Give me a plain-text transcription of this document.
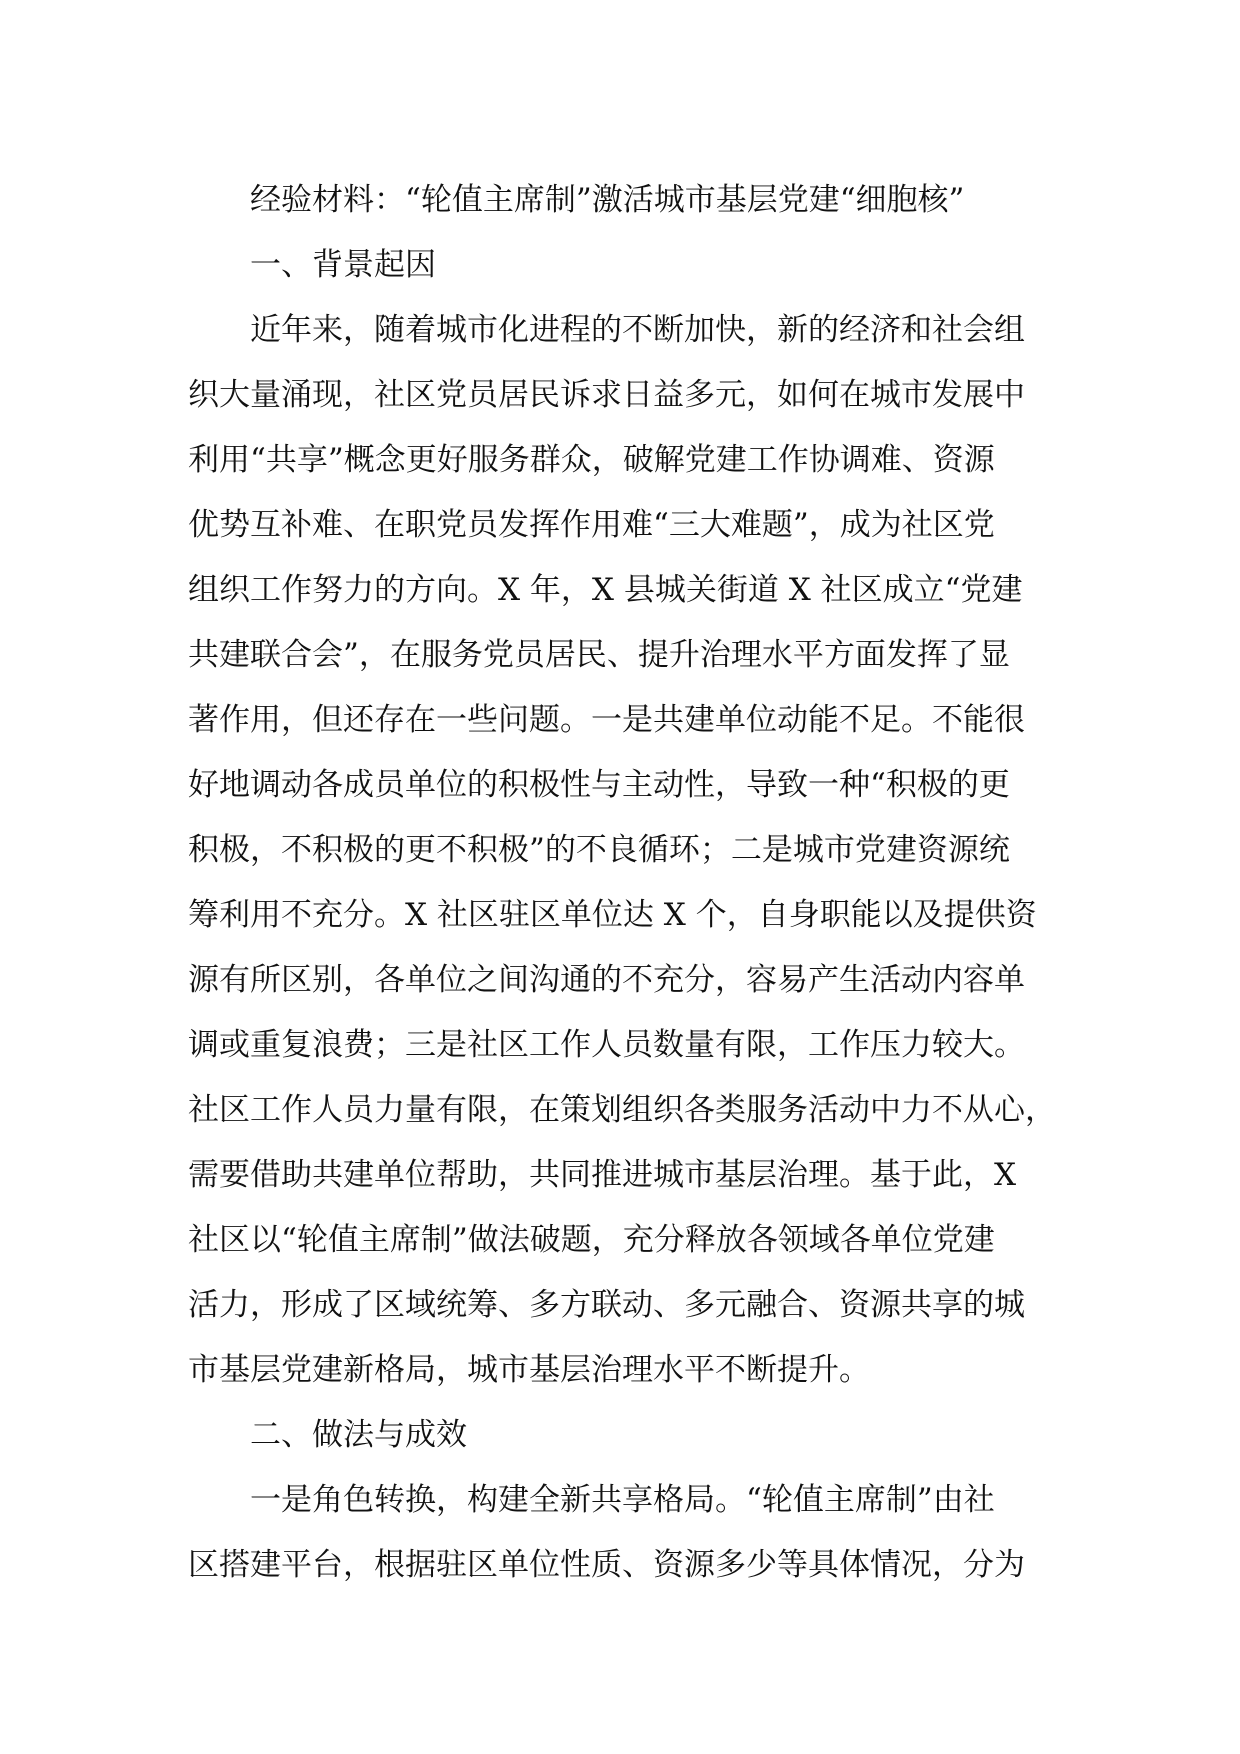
经验材料：“轮值主席制”激活城市基层党建“细胞核”
一、背景起因
近年来，随着城市化进程的不断加快，新的经济和社会组
织大量涌现，社区党员居民诉求日益多元，如何在城市发展中
利用“共享”概念更好服务群众，破解党建工作协调难、资源
优势互补难、在职党员发挥作用难“三大难题”，成为社区党
组织工作努力的方向。X 年，X 县城关街道 X 社区成立“党建
共建联合会”，在服务党员居民、提升治理水平方面发挥了显
著作用，但还存在一些问题。一是共建单位动能不足。不能很
好地调动各成员单位的积极性与主动性，导致一种“积极的更
积极，不积极的更不积极”的不良循环；二是城市党建资源统
筹利用不充分。X 社区驻区单位达 X 个，自身职能以及提供资
源有所区别，各单位之间沟通的不充分，容易产生活动内容单
调或重复浪费；三是社区工作人员数量有限，工作压力较大。
社区工作人员力量有限，在策划组织各类服务活动中力不从心，
需要借助共建单位帮助，共同推进城市基层治理。基于此，X
社区以“轮值主席制”做法破题，充分释放各领域各单位党建
活力，形成了区域统筹、多方联动、多元融合、资源共享的城
市基层党建新格局，城市基层治理水平不断提升。
二、做法与成效
一是角色转换，构建全新共享格局。“轮值主席制”由社
区搭建平台，根据驻区单位性质、资源多少等具体情况，分为
